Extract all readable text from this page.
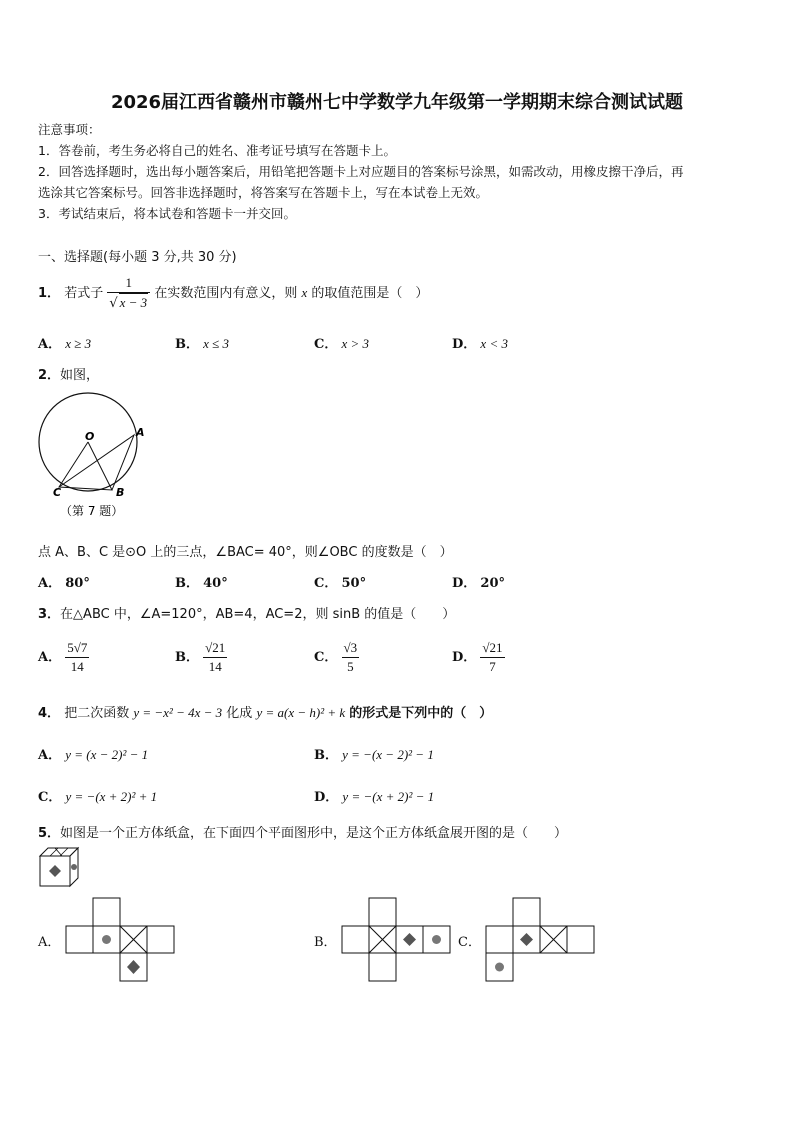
2026届江西省赣州市赣州七中学数学九年级第一学期期末综合测试试题
注意事项：
1．答卷前，考生务必将自己的姓名、准考证号填写在答题卡上。
2．回答选择题时，选出每小题答案后，用铅笔把答题卡上对应题目的答案标号涂黑，如需改动，用橡皮擦干净后，再
选涂其它答案标号。回答非选择题时，将答案写在答题卡上，写在本试卷上无效。
3．考试结束后，将本试卷和答题卡一并交回。
一、选择题(每小题 3 分,共 30 分)
1． 若式子 $\frac{1}{√ x - 3}$ 在实数范围内有意义，则 x 的取值范围是（　）
A． x ≥ 3	B． x ≤ 3	C． x > 3	D． x < 3
2．如图，
O	A
B
C
（第 7 题）
点 A、B、C 是⊙O 上的三点，∠BAC= 40°，则∠OBC 的度数是（　）
A． 80°	B． 40°	C． 50°	D． 20°
3．在△ABC 中，∠A=120°，AB=4，AC=2，则 sinB 的值是（　　）
A． $\frac{5√7}{14}$	B． $\frac{√21}{14}$	C． $\frac{√3}{5}$	D． $\frac{√21}{7}$
4． 把二次函数 y = −x² − 4x − 3 化成 y = a(x − h)² + k 的形式是下列中的（　）
A． y = (x − 2)² − 1	B． y = −(x − 2)² − 1
C． y = −(x + 2)² + 1	D． y = −(x + 2)² − 1
5．如图是一个正方体纸盒，在下面四个平面图形中，是这个正方体纸盒展开图的是（　　）
A．	B．	C．
